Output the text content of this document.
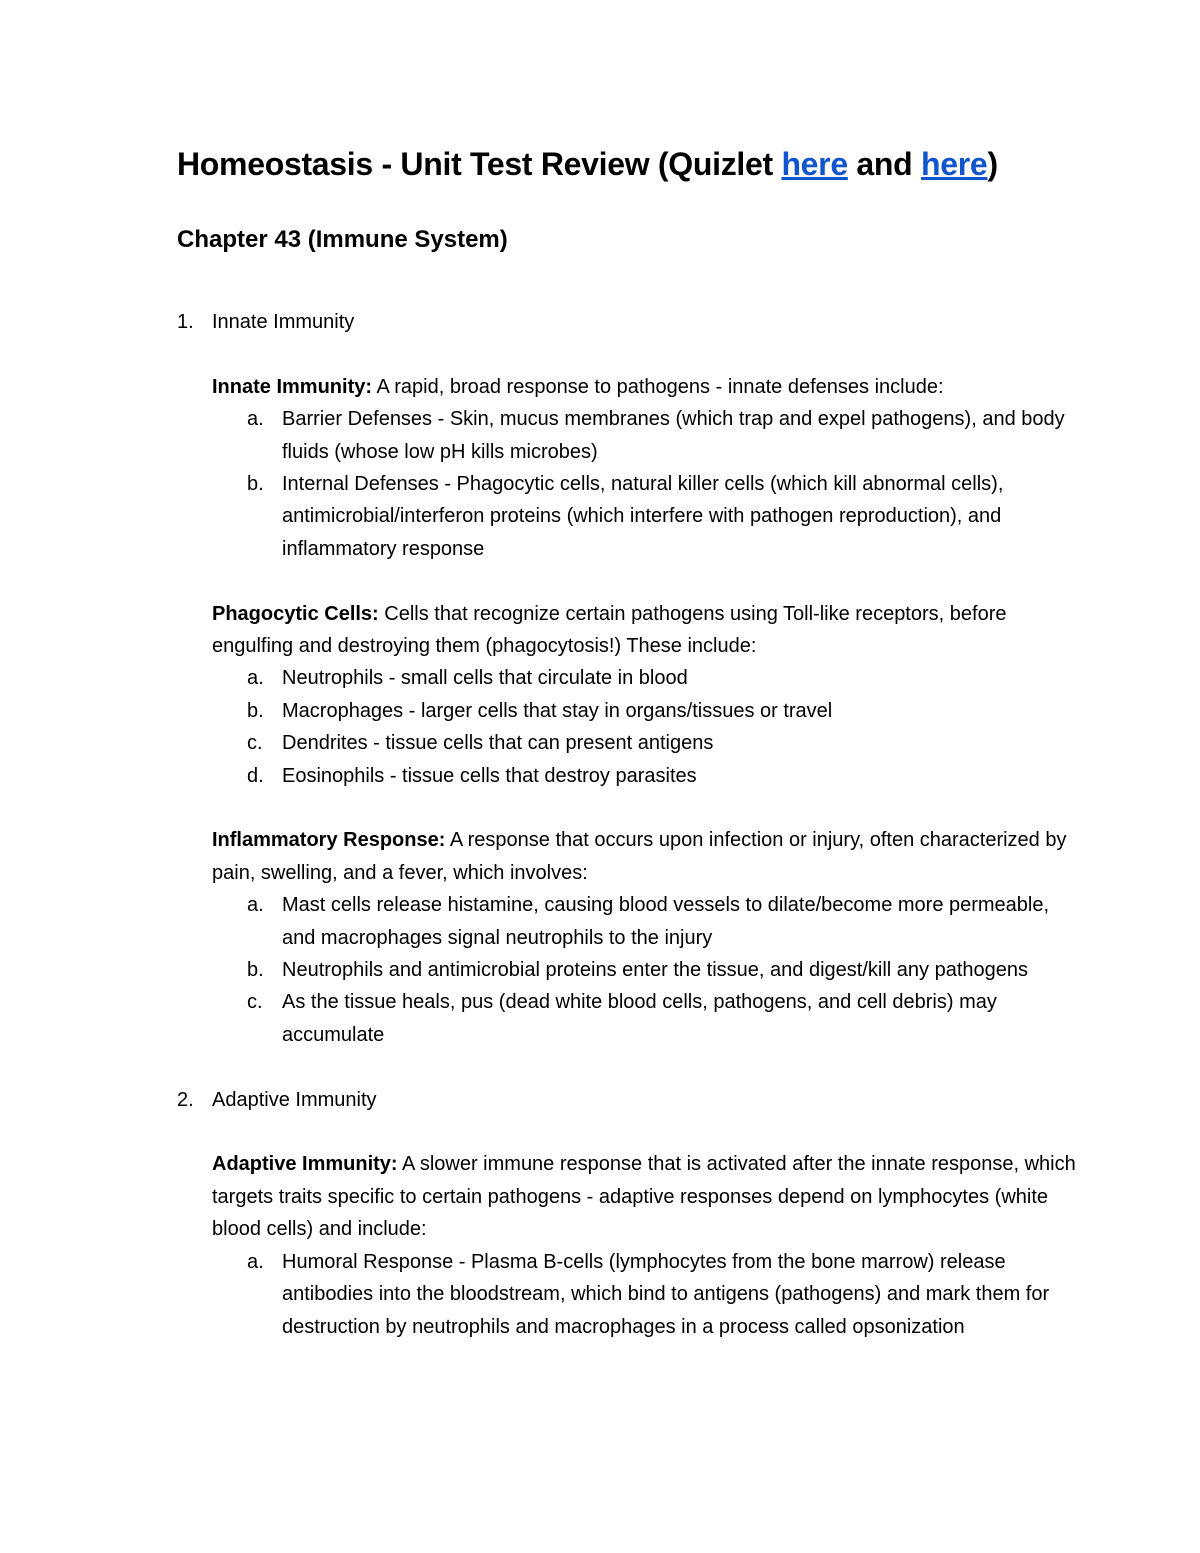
Homeostasis - Unit Test Review (Quizlet here and here)
Chapter 43 (Immune System)
1. Innate Immunity

Innate Immunity: A rapid, broad response to pathogens - innate defenses include:

a. Barrier Defenses - Skin, mucus membranes (which trap and expel pathogens), and body fluids (whose low pH kills microbes)
b. Internal Defenses - Phagocytic cells, natural killer cells (which kill abnormal cells), antimicrobial/interferon proteins (which interfere with pathogen reproduction), and inflammatory response

Phagocytic Cells: Cells that recognize certain pathogens using Toll-like receptors, before engulfing and destroying them (phagocytosis!) These include:

a. Neutrophils - small cells that circulate in blood
b. Macrophages - larger cells that stay in organs/tissues or travel
c. Dendrites - tissue cells that can present antigens
d. Eosinophils - tissue cells that destroy parasites

Inflammatory Response: A response that occurs upon infection or injury, often characterized by pain, swelling, and a fever, which involves:

a. Mast cells release histamine, causing blood vessels to dilate/become more permeable, and macrophages signal neutrophils to the injury
b. Neutrophils and antimicrobial proteins enter the tissue, and digest/kill any pathogens
c. As the tissue heals, pus (dead white blood cells, pathogens, and cell debris) may accumulate
2. Adaptive Immunity

Adaptive Immunity: A slower immune response that is activated after the innate response, which targets traits specific to certain pathogens - adaptive responses depend on lymphocytes (white blood cells) and include:

a. Humoral Response - Plasma B-cells (lymphocytes from the bone marrow) release antibodies into the bloodstream, which bind to antigens (pathogens) and mark them for destruction by neutrophils and macrophages in a process called opsonization
